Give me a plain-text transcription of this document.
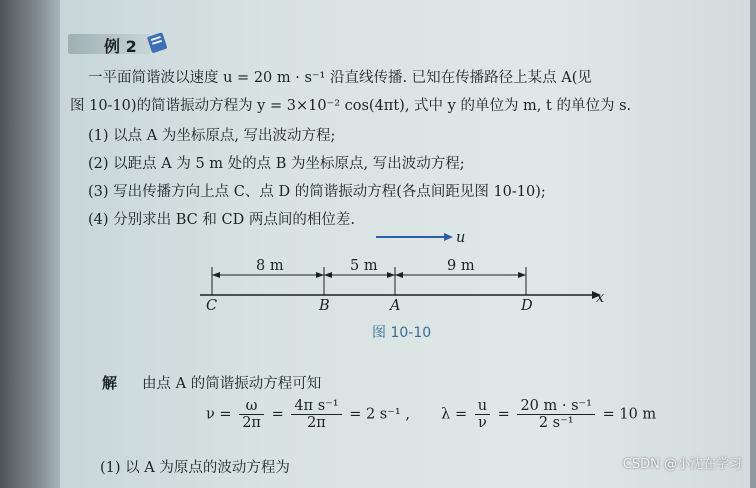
例 2
一平面简谐波以速度 u = 20 m · s⁻¹ 沿直线传播. 已知在传播路径上某点 A(见
图 10-10)的简谐振动方程为 y = 3×10⁻² cos(4πt), 式中 y 的单位为 m, t 的单位为 s.
(1) 以点 A 为坐标原点, 写出波动方程;
(2) 以距点 A 为 5 m 处的点 B 为坐标原点, 写出波动方程;
(3) 写出传播方向上点 C、点 D 的简谐振动方程(各点间距见图 10-10);
(4) 分别求出 BC 和 CD 两点间的相位差.
u
8 m	5 m	9 m
C	B	A	D	x
图 10-10
解 由点 A 的简谐振动方程可知
$\nu = \frac{\omega}{2\pi} = \frac{\text{4π s⁻¹}}{2\pi} = 2$ s⁻¹ , $\lambda = \frac{u}{\nu} = \frac{\text{20 m · s⁻¹}}{\text{2 s⁻¹}} = 10$ m
(1) 以 A 为原点的波动方程为	CSDN @小沈在学习
